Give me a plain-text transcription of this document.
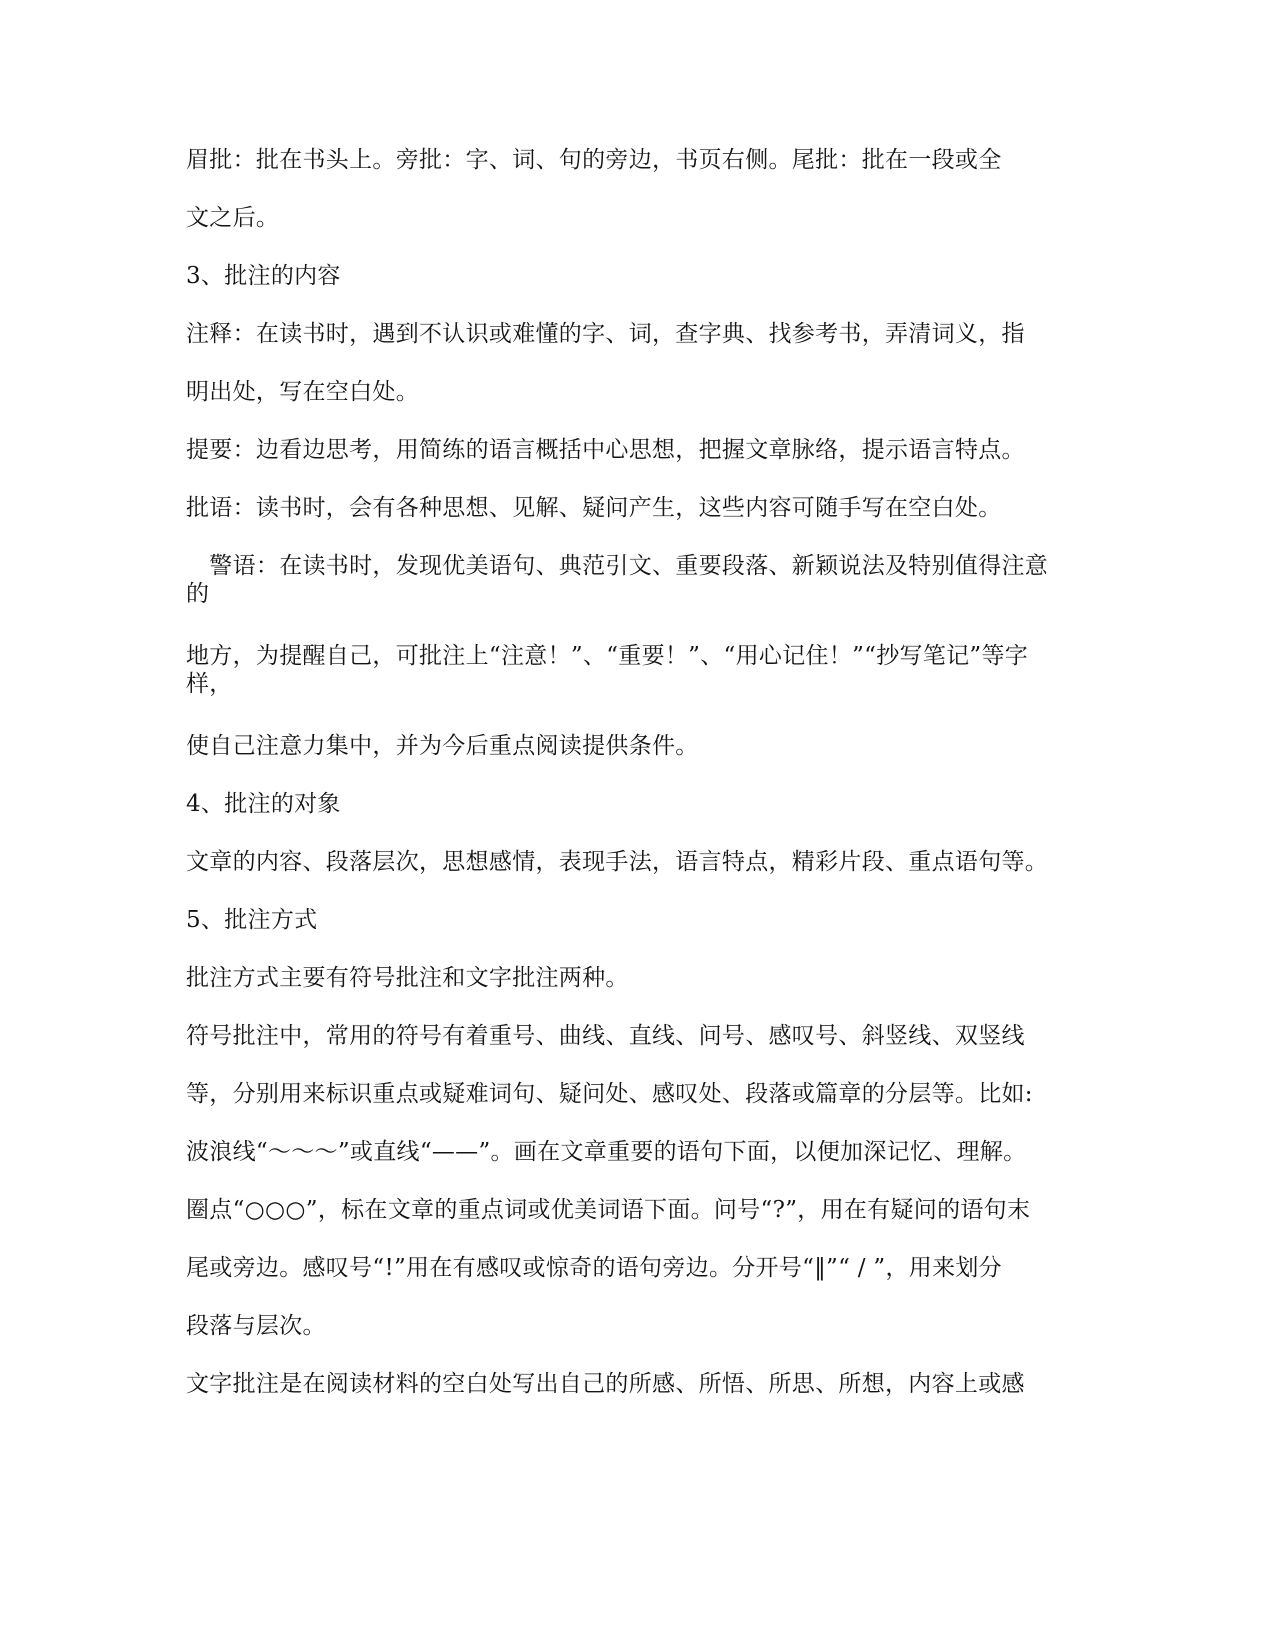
眉批：批在书头上。旁批：字、词、句的旁边，书页右侧。尾批：批在一段或全
文之后。
3、批注的内容
注释：在读书时，遇到不认识或难懂的字、词，查字典、找参考书，弄清词义，指
明出处，写在空白处。
提要：边看边思考，用简练的语言概括中心思想，把握文章脉络，提示语言特点。
批语：读书时，会有各种思想、见解、疑问产生，这些内容可随手写在空白处。
　警语：在读书时，发现优美语句、典范引文、重要段落、新颖说法及特别值得注意的
地方，为提醒自己，可批注上“注意！”、“重要！”、“用心记住！”“抄写笔记”等字样，
使自己注意力集中，并为今后重点阅读提供条件。
4、批注的对象
文章的内容、段落层次，思想感情，表现手法，语言特点，精彩片段、重点语句等。
5、批注方式
批注方式主要有符号批注和文字批注两种。
符号批注中，常用的符号有着重号、曲线、直线、问号、感叹号、斜竖线、双竖线
等，分别用来标识重点或疑难词句、疑问处、感叹处、段落或篇章的分层等。比如:
波浪线“～～～”或直线“——”。画在文章重要的语句下面，以便加深记忆、理解。
圈点“○○○”，标在文章的重点词或优美词语下面。问号“?”，用在有疑问的语句末
尾或旁边。感叹号“!”用在有感叹或惊奇的语句旁边。分开号“‖”“ / ”，用来划分
段落与层次。
文字批注是在阅读材料的空白处写出自己的所感、所悟、所思、所想，内容上或感
